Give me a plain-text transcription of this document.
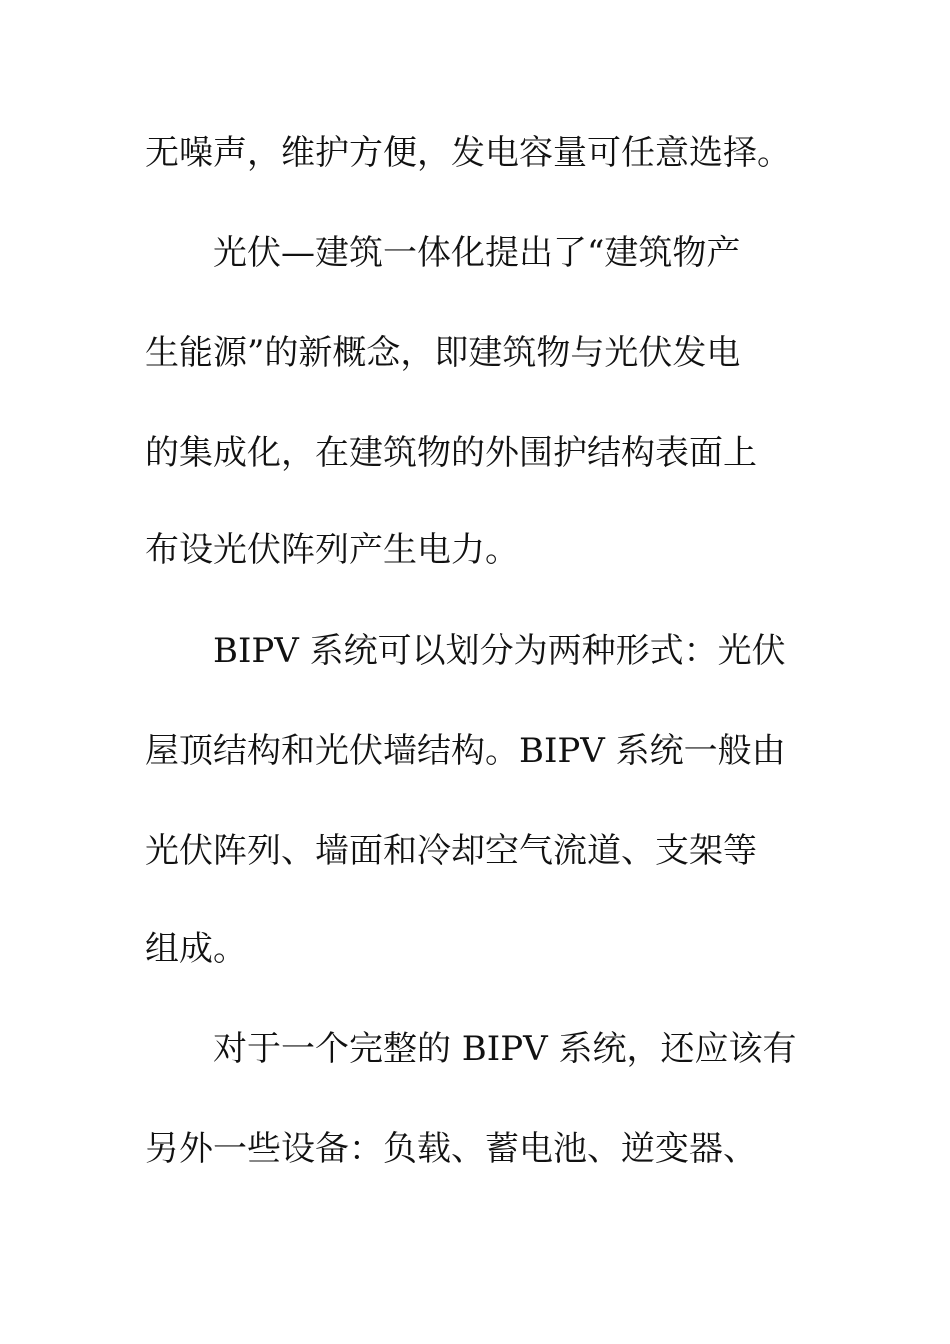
无噪声，维护方便，发电容量可任意选择。
光伏—建筑一体化提出了“建筑物产
生能源”的新概念，即建筑物与光伏发电
的集成化，在建筑物的外围护结构表面上
布设光伏阵列产生电力。
BIPV 系统可以划分为两种形式：光伏
屋顶结构和光伏墙结构。BIPV 系统一般由
光伏阵列、墙面和冷却空气流道、支架等
组成。
对于一个完整的 BIPV 系统，还应该有
另外一些设备：负载、蓄电池、逆变器、
